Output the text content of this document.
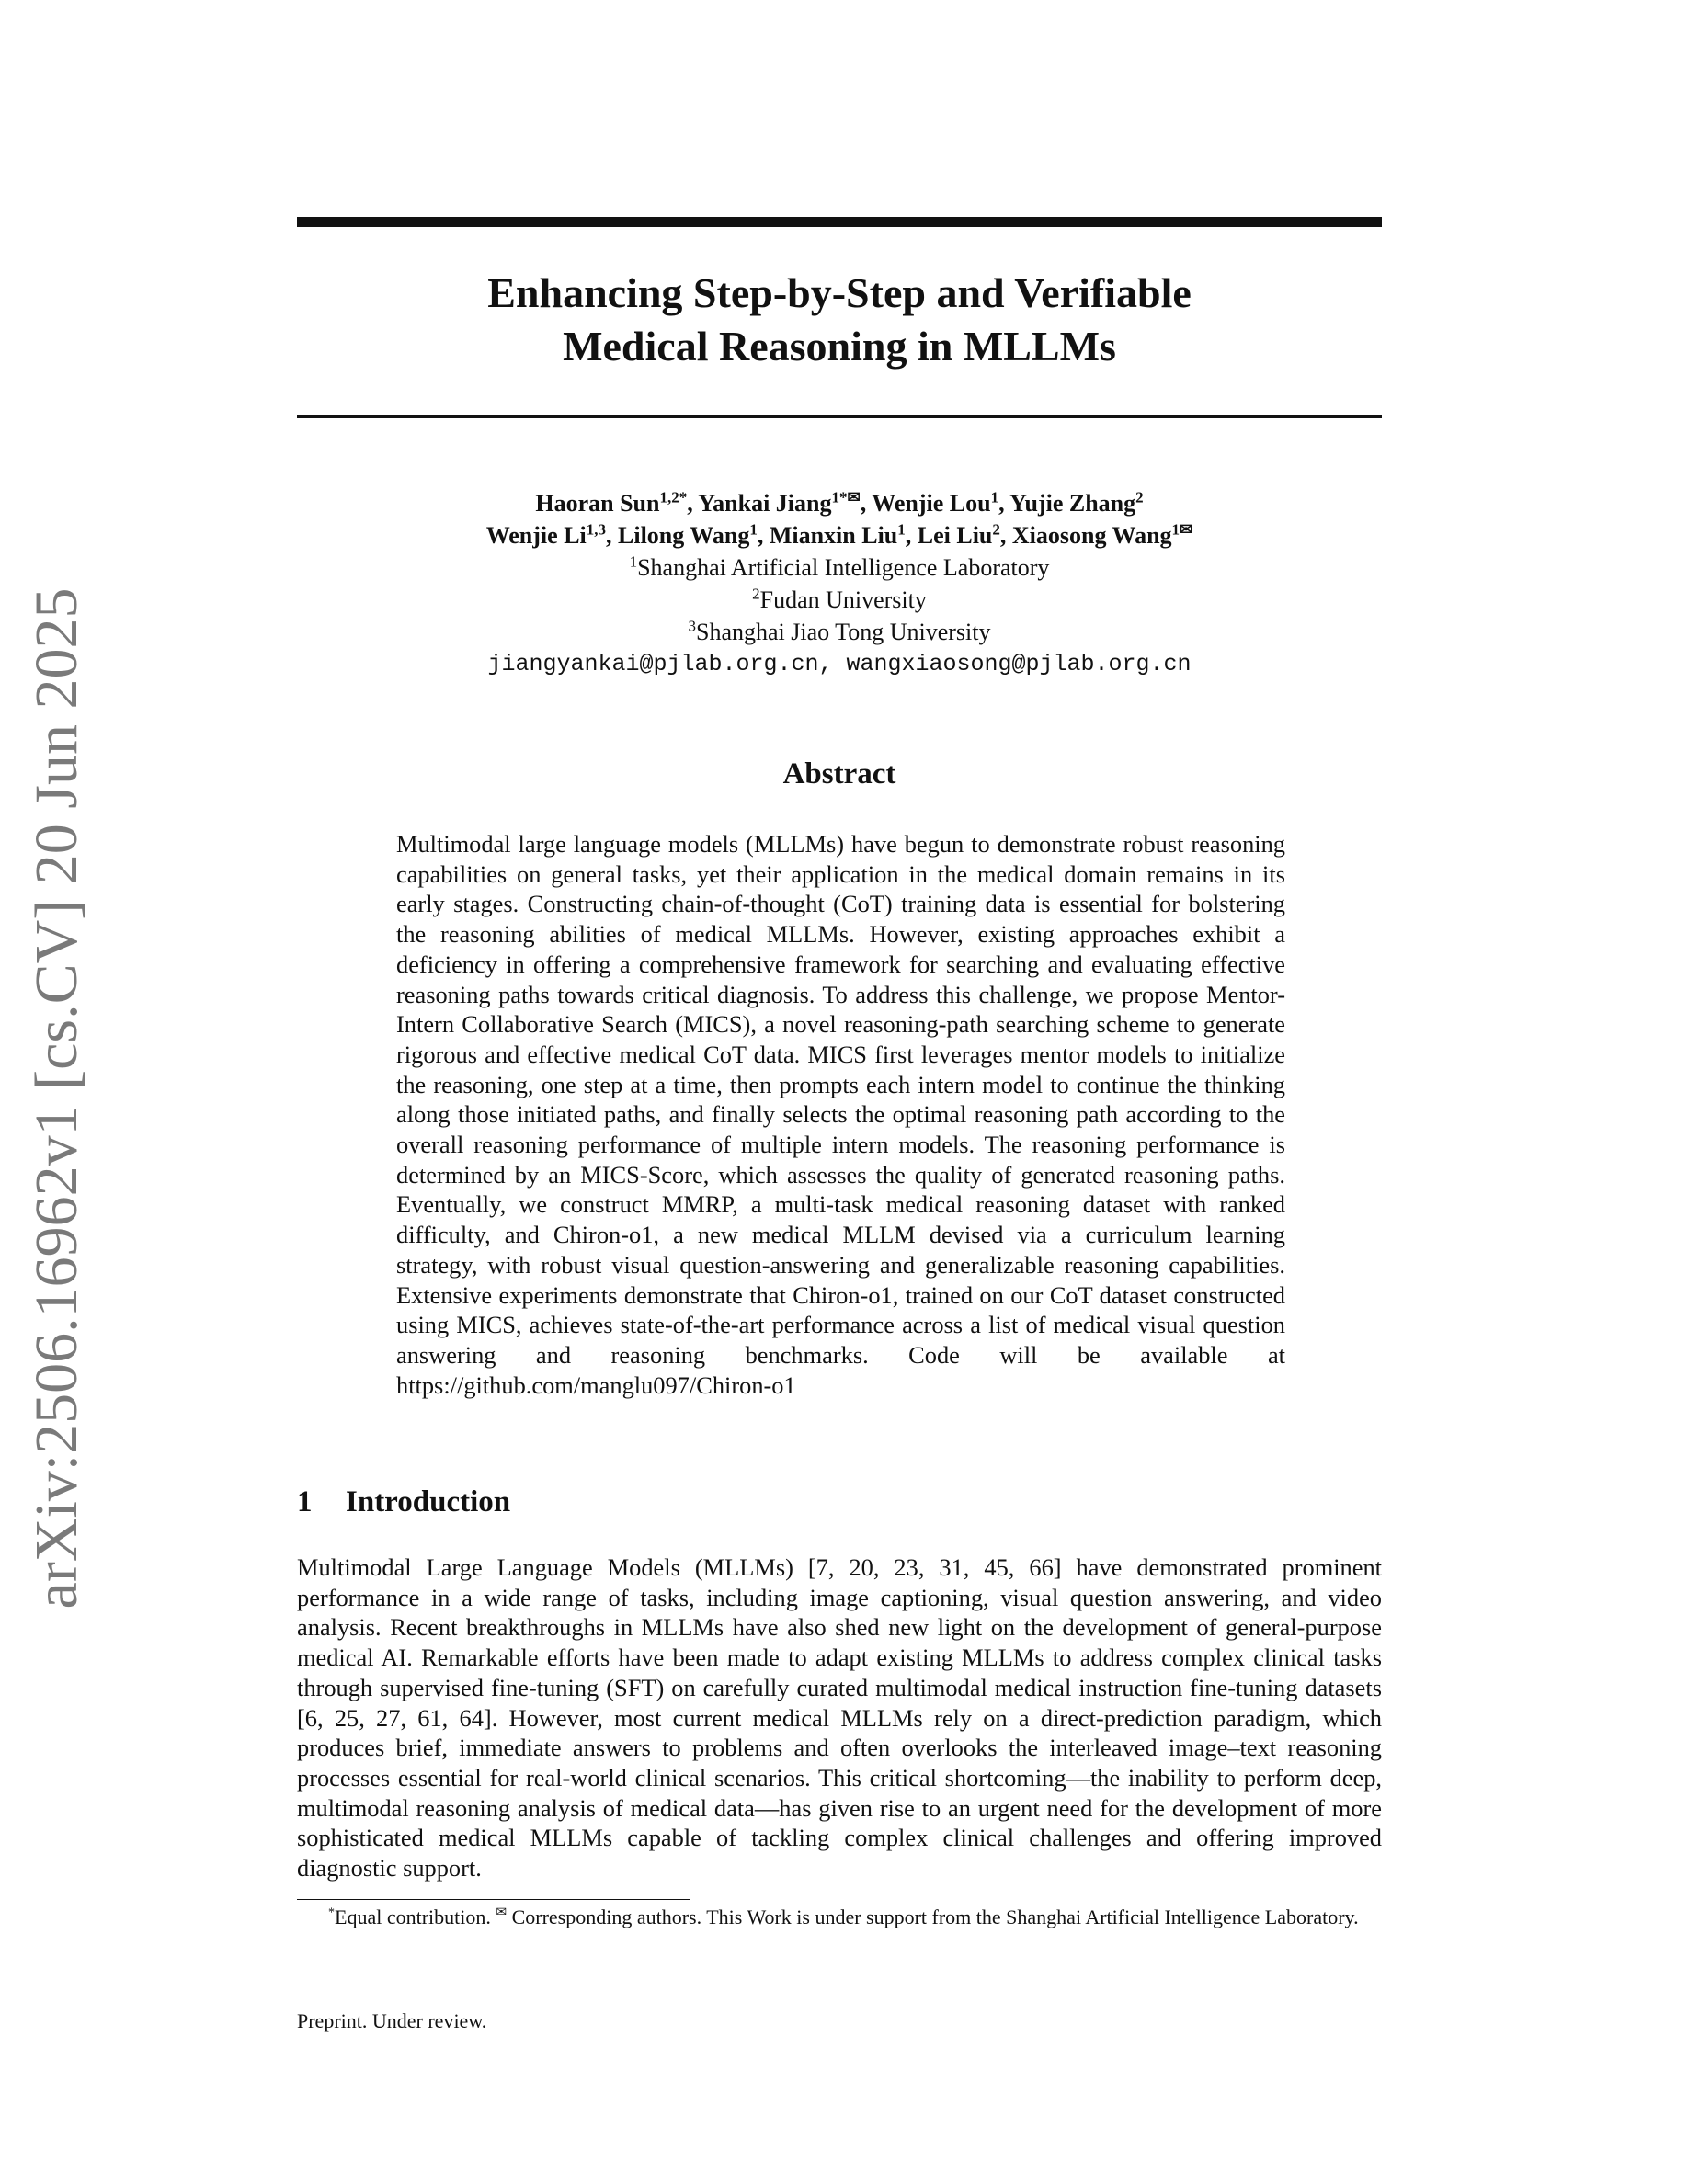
arXiv:2506.16962v1 [cs.CV] 20 Jun 2025
Enhancing Step-by-Step and Verifiable
Medical Reasoning in MLLMs
Haoran Sun$^{1,2*}$, Yankai Jiang$^{1*✉}$, Wenjie Lou$^1$, Yujie Zhang$^2$
Wenjie Li$^{1,3}$, Lilong Wang$^1$, Mianxin Liu$^1$, Lei Liu$^2$, Xiaosong Wang$^{1✉}$
$^1$Shanghai Artificial Intelligence Laboratory
$^2$Fudan University
$^3$Shanghai Jiao Tong University
jiangyankai@pjlab.org.cn, wangxiaosong@pjlab.org.cn
Abstract
Multimodal large language models (MLLMs) have begun to demonstrate robust reasoning capabilities on general tasks, yet their application in the medical domain remains in its early stages. Constructing chain-of-thought (CoT) training data is essential for bolstering the reasoning abilities of medical MLLMs. However, existing approaches exhibit a deficiency in offering a comprehensive framework for searching and evaluating effective reasoning paths towards critical diagnosis. To address this challenge, we propose Mentor-Intern Collaborative Search (MICS), a novel reasoning-path searching scheme to generate rigorous and effective medical CoT data. MICS first leverages mentor models to initialize the reasoning, one step at a time, then prompts each intern model to continue the thinking along those initiated paths, and finally selects the optimal reasoning path according to the overall reasoning performance of multiple intern models. The reasoning performance is determined by an MICS-Score, which assesses the quality of generated reasoning paths. Eventually, we construct MMRP, a multi-task medical reasoning dataset with ranked difficulty, and Chiron-o1, a new medical MLLM devised via a curriculum learning strategy, with robust visual question-answering and generalizable reasoning capabilities. Extensive experiments demonstrate that Chiron-o1, trained on our CoT dataset constructed using MICS, achieves state-of-the-art performance across a list of medical visual question answering and reasoning benchmarks. Code will be available at https://github.com/manglu097/Chiron-o1
1 Introduction
Multimodal Large Language Models (MLLMs) [7, 20, 23, 31, 45, 66] have demonstrated prominent performance in a wide range of tasks, including image captioning, visual question answering, and video analysis. Recent breakthroughs in MLLMs have also shed new light on the development of general-purpose medical AI. Remarkable efforts have been made to adapt existing MLLMs to address complex clinical tasks through supervised fine-tuning (SFT) on carefully curated multimodal medical instruction fine-tuning datasets [6, 25, 27, 61, 64]. However, most current medical MLLMs rely on a direct-prediction paradigm, which produces brief, immediate answers to problems and often overlooks the interleaved image–text reasoning processes essential for real-world clinical scenarios. This critical shortcoming—the inability to perform deep, multimodal reasoning analysis of medical data—has given rise to an urgent need for the development of more sophisticated medical MLLMs capable of tackling complex clinical challenges and offering improved diagnostic support.
*Equal contribution. ✉ Corresponding authors. This Work is under support from the Shanghai Artificial Intelligence Laboratory.
Preprint. Under review.
